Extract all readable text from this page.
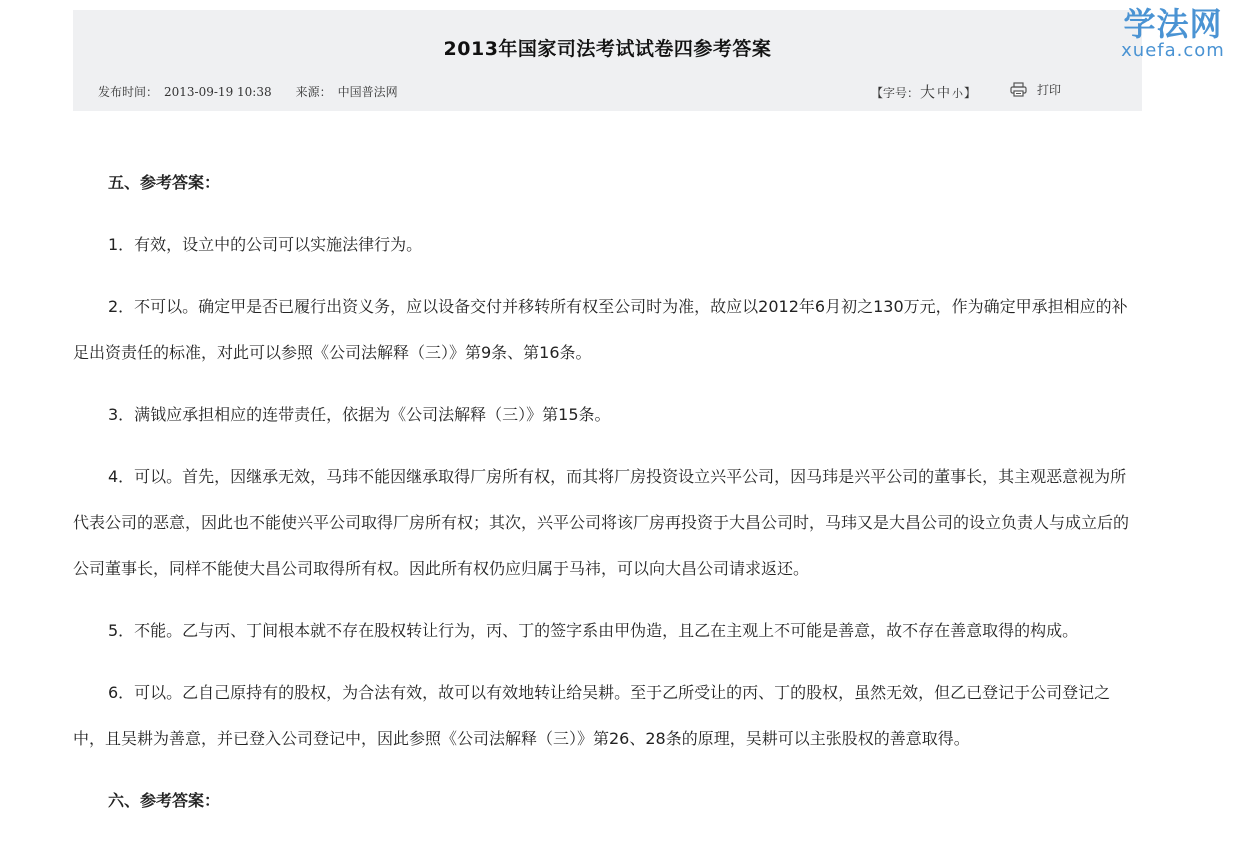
2013年国家司法考试试卷四参考答案
发布时间： 2013-09-19 10:38 来源： 中国普法网	【字号：大 中 小】	打印
学法网
xuefa.com

五、参考答案：

1．有效，设立中的公司可以实施法律行为。

2．不可以。确定甲是否已履行出资义务，应以设备交付并移转所有权至公司时为准，故应以2012年6月初之130万元，作为确定甲承担相应的补足出资责任的标准，对此可以参照《公司法解释（三）》第9条、第16条。

3．满钺应承担相应的连带责任，依据为《公司法解释（三）》第15条。

4．可以。首先，因继承无效，马玮不能因继承取得厂房所有权，而其将厂房投资设立兴平公司，因马玮是兴平公司的董事长，其主观恶意视为所代表公司的恶意，因此也不能使兴平公司取得厂房所有权；其次，兴平公司将该厂房再投资于大昌公司时，马玮又是大昌公司的设立负责人与成立后的公司董事长，同样不能使大昌公司取得所有权。因此所有权仍应归属于马祎，可以向大昌公司请求返还。

5．不能。乙与丙、丁间根本就不存在股权转让行为，丙、丁的签字系由甲伪造，且乙在主观上不可能是善意，故不存在善意取得的构成。

6．可以。乙自己原持有的股权，为合法有效，故可以有效地转让给吴耕。至于乙所受让的丙、丁的股权，虽然无效，但乙已登记于公司登记之中，且吴耕为善意，并已登入公司登记中，因此参照《公司法解释（三）》第26、28条的原理，吴耕可以主张股权的善意取得。

六、参考答案：
